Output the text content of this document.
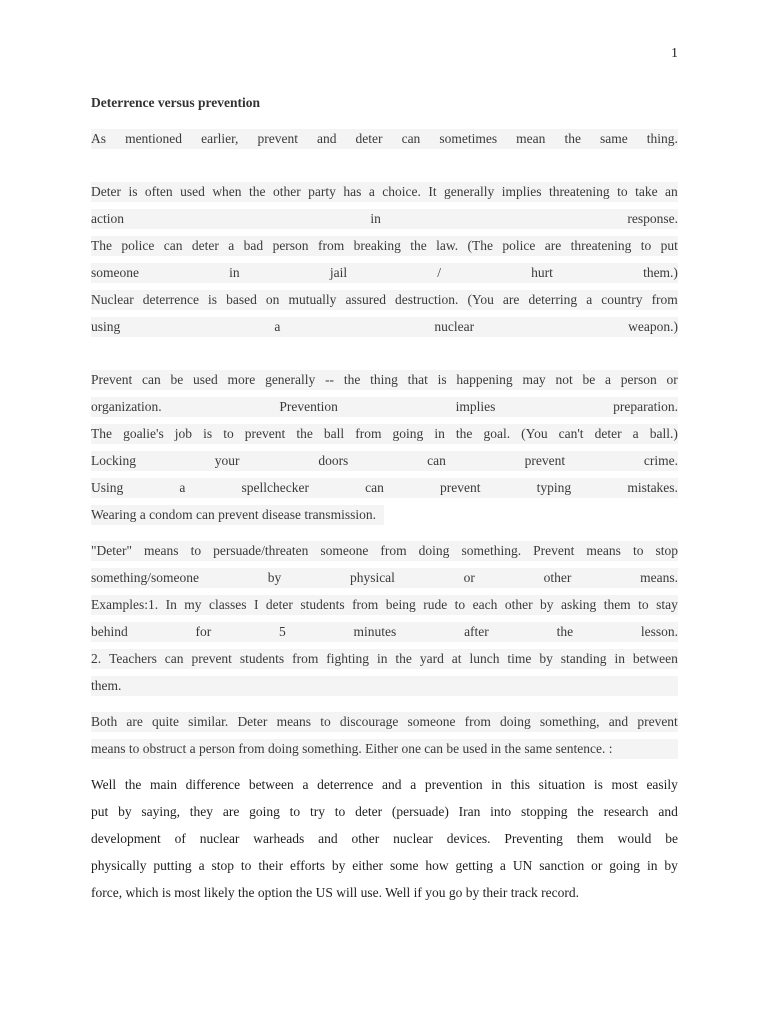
1
Deterrence versus prevention
As mentioned earlier, prevent and deter can sometimes mean the same thing.
Deter is often used when the other party has a choice. It generally implies threatening to take an
action	in	response.
The police can deter a bad person from breaking the law. (The police are threatening to put
someone	in	jail	/	hurt	them.)
Nuclear deterrence is based on mutually assured destruction. (You are deterring a country from
using	a	nuclear	weapon.)
Prevent can be used more generally -- the thing that is happening may not be a person or
organization.	Prevention	implies	preparation.
The goalie's job is to prevent the ball from going in the goal. (You can't deter a ball.)
Locking	your	doors	can	prevent	crime.
Using	a	spellchecker	can	prevent	typing	mistakes.
Wearing a condom can prevent disease transmission.
"Deter" means to persuade/threaten someone from doing something. Prevent means to stop
something/someone	by	physical	or	other	means.
Examples:1. In my classes I deter students from being rude to each other by asking them to stay
behind	for	5	minutes	after	the	lesson.
2. Teachers can prevent students from fighting in the yard at lunch time by standing in between
them.
Both are quite similar. Deter means to discourage someone from doing something, and prevent
means to obstruct a person from doing something. Either one can be used in the same sentence. :
Well the main difference between a deterrence and a prevention in this situation is most easily
put by saying, they are going to try to deter (persuade) Iran into stopping the research and
development of nuclear warheads and other nuclear devices. Preventing them would be
physically putting a stop to their efforts by either some how getting a UN sanction or going in by
force, which is most likely the option the US will use. Well if you go by their track record.
